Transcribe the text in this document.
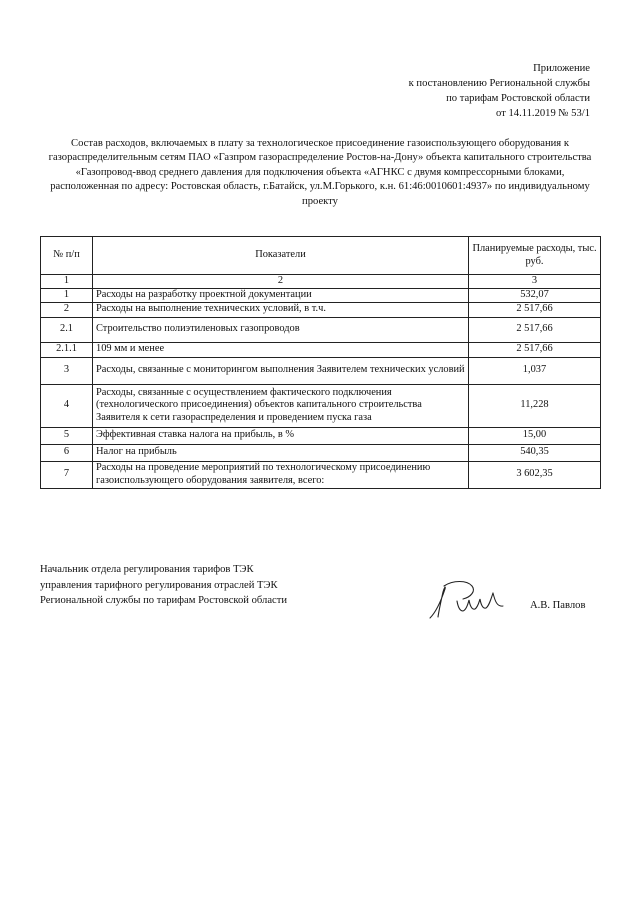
Приложение
к постановлению Региональной службы
по тарифам Ростовской области
от 14.11.2019 № 53/1
Состав расходов, включаемых в плату за технологическое присоединение газоиспользующего оборудования к газораспределительным сетям ПАО «Газпром газораспределение Ростов-на-Дону» объекта капитального строительства «Газопровод-ввод среднего давления для подключения объекта «АГНКС с двумя компрессорными блоками, расположенная по адресу: Ростовская область, г.Батайск, ул.М.Горького, к.н. 61:46:0010601:4937» по индивидуальному проекту
№ п/п	Показатели	Планируемые расходы, тыс. руб.
1	2	3
1	Расходы на разработку проектной документации	532,07
2	Расходы на выполнение технических условий, в т.ч.	2 517,66
2.1	Строительство полиэтиленовых газопроводов	2 517,66
2.1.1	109 мм и менее	2 517,66
3	Расходы, связанные с мониторингом выполнения Заявителем технических условий	1,037
4	Расходы, связанные с осуществлением фактического подключения (технологического присоединения) объектов капитального строительства Заявителя к сети газораспределения и проведением пуска газа	11,228
5	Эффективная ставка налога на прибыль, в %	15,00
6	Налог на прибыль	540,35
7	Расходы на проведение мероприятий по технологическому присоединению газоиспользующего оборудования заявителя, всего:	3 602,35
Начальник отдела регулирования тарифов ТЭК
управления тарифного регулирования отраслей ТЭК
Региональной службы по тарифам Ростовской области	А.В. Павлов
